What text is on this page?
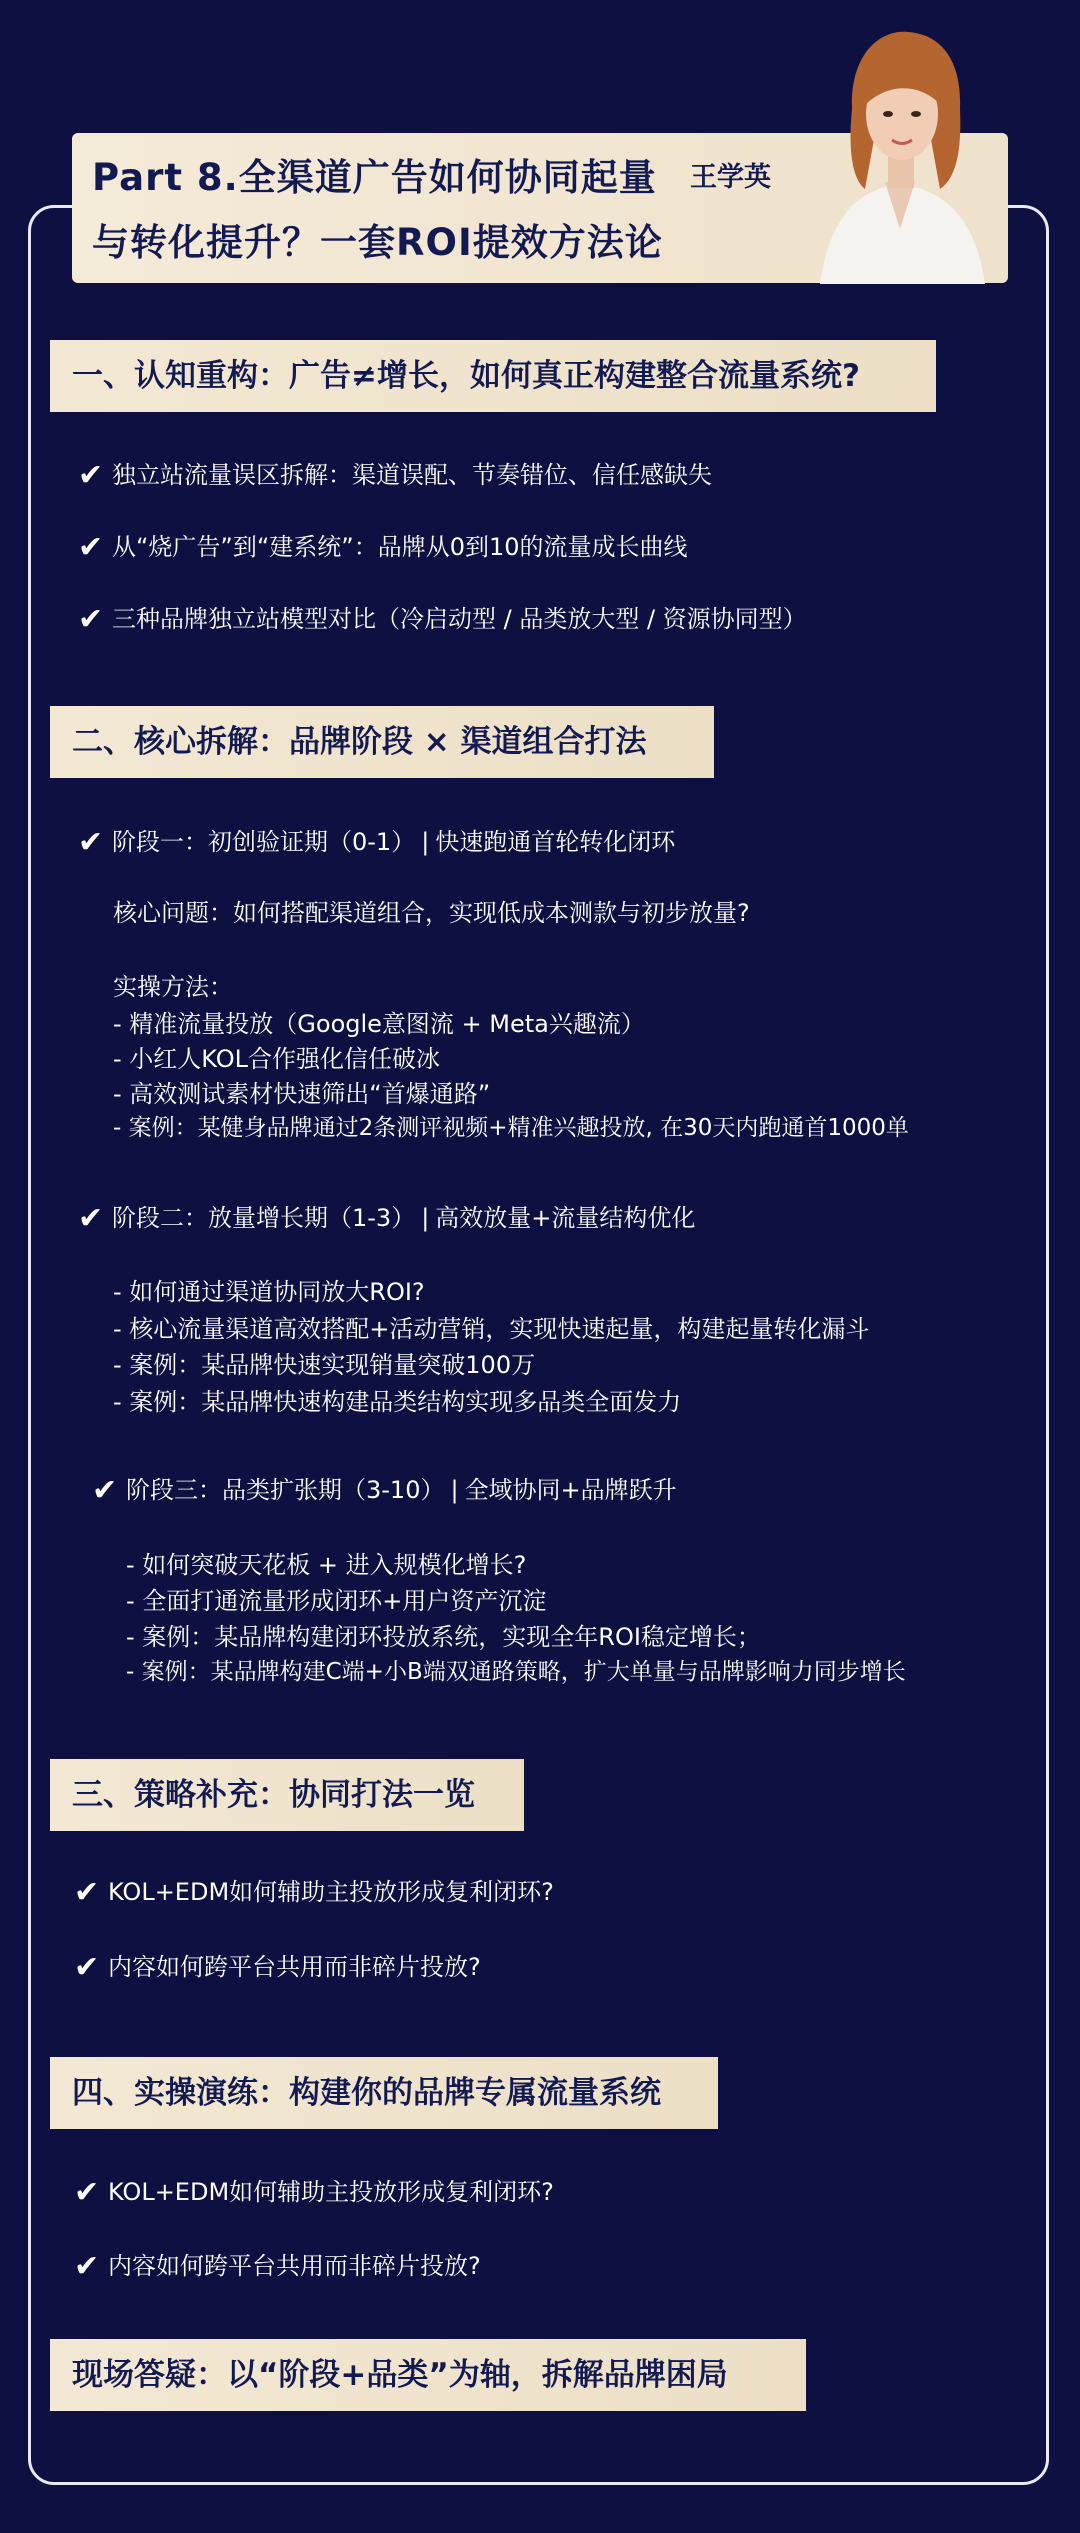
Part 8.全渠道广告如何协同起量
与转化提升？一套ROI提效方法论
王学英
一、认知重构：广告≠增长，如何真正构建整合流量系统?
✔ 独立站流量误区拆解：渠道误配、节奏错位、信任感缺失
✔ 从“烧广告”到“建系统”：品牌从0到10的流量成长曲线
✔ 三种品牌独立站模型对比（冷启动型 / 品类放大型 / 资源协同型）
二、核心拆解：品牌阶段 × 渠道组合打法
✔ 阶段一：初创验证期（0-1） | 快速跑通首轮转化闭环
核心问题：如何搭配渠道组合，实现低成本测款与初步放量?
实操方法：
- 精准流量投放（Google意图流 + Meta兴趣流）
- 小红人KOL合作强化信任破冰
- 高效测试素材快速筛出“首爆通路”
- 案例：某健身品牌通过2条测评视频+精准兴趣投放, 在30天内跑通首1000单
✔ 阶段二：放量增长期（1-3） | 高效放量+流量结构优化
- 如何通过渠道协同放大ROI?
- 核心流量渠道高效搭配+活动营销，实现快速起量，构建起量转化漏斗
- 案例：某品牌快速实现销量突破100万
- 案例：某品牌快速构建品类结构实现多品类全面发力
✔ 阶段三：品类扩张期（3-10） | 全域协同+品牌跃升
- 如何突破天花板 + 进入规模化增长?
- 全面打通流量形成闭环+用户资产沉淀
- 案例：某品牌构建闭环投放系统，实现全年ROI稳定增长；
- 案例：某品牌构建C端+小B端双通路策略，扩大单量与品牌影响力同步增长
三、策略补充：协同打法一览
✔ KOL+EDM如何辅助主投放形成复利闭环?
✔ 内容如何跨平台共用而非碎片投放?
四、实操演练：构建你的品牌专属流量系统
✔ KOL+EDM如何辅助主投放形成复利闭环?
✔ 内容如何跨平台共用而非碎片投放?
现场答疑：以“阶段+品类”为轴，拆解品牌困局
